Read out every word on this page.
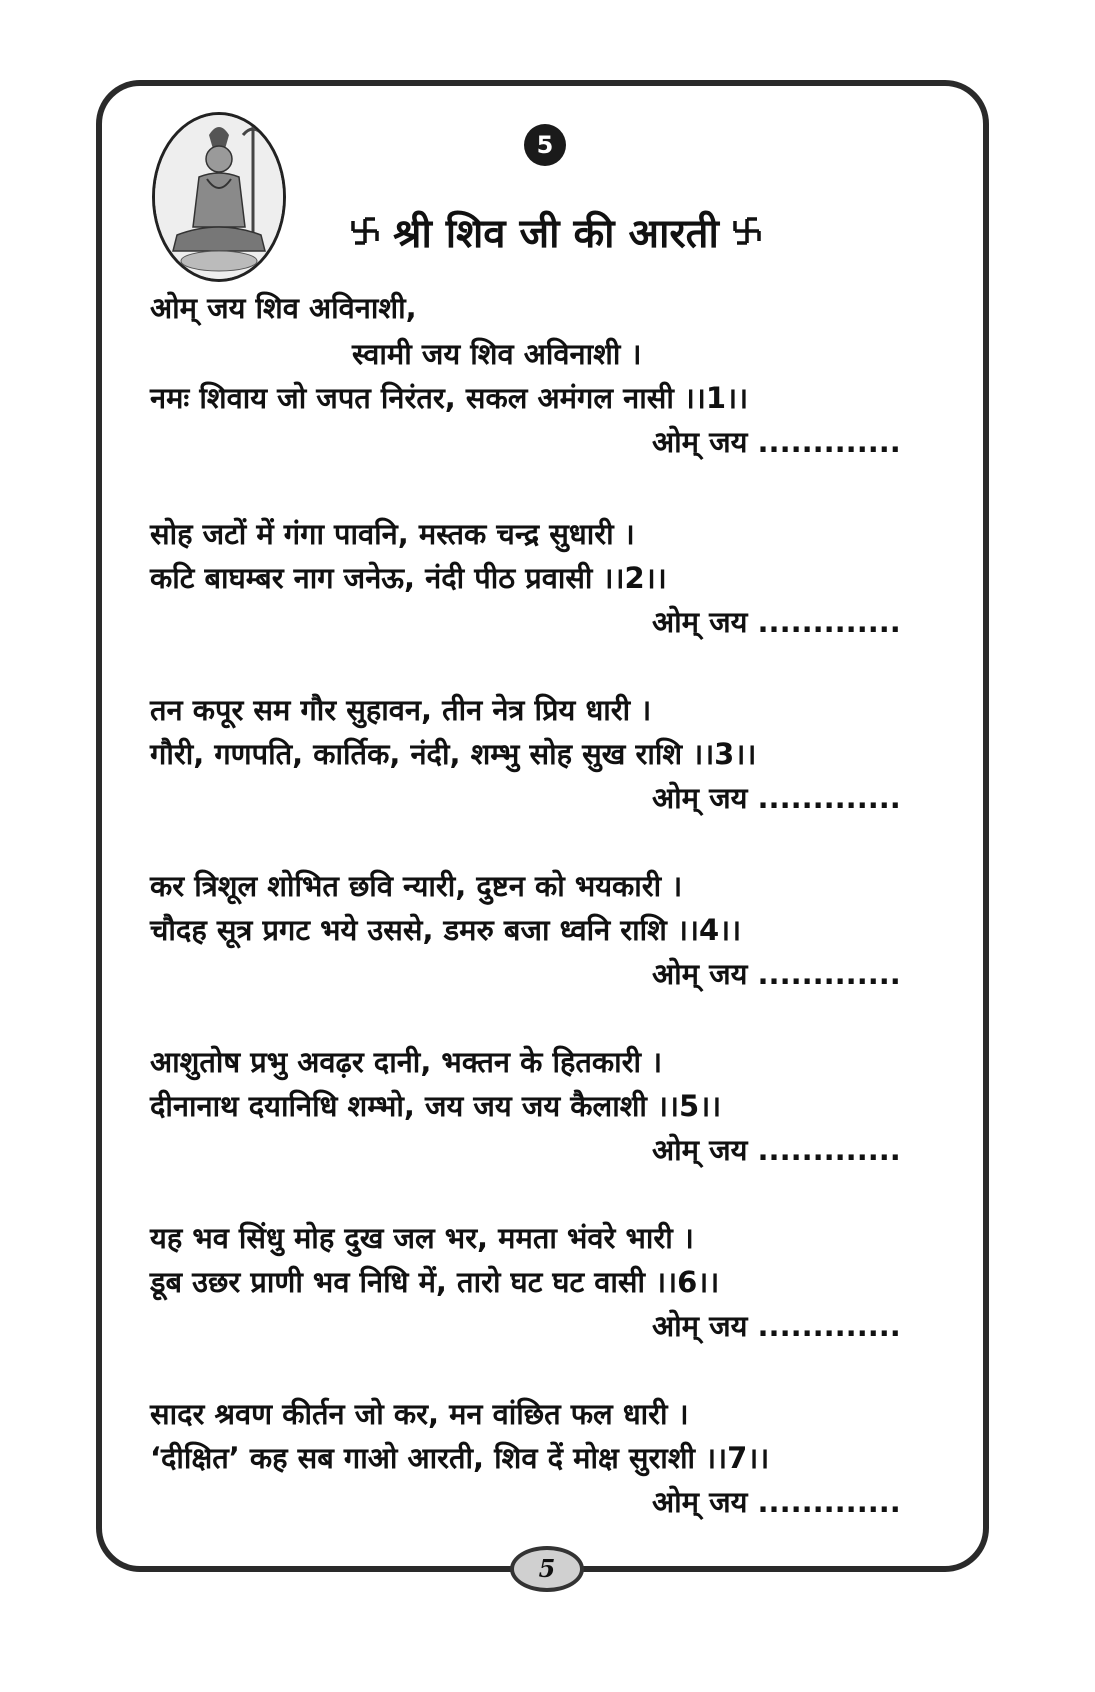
5
श्री शिव जी की आरती
ओम् जय शिव अविनाशी,
स्वामी जय शिव अविनाशी ।
नमः शिवाय जो जपत निरंतर, सकल अमंगल नासी ।।1।।
ओम् जय .............
सोह जटों में गंगा पावनि, मस्तक चन्द्र सुधारी ।
कटि बाघम्बर नाग जनेऊ, नंदी पीठ प्रवासी ।।2।।
ओम् जय .............
तन कपूर सम गौर सुहावन, तीन नेत्र प्रिय धारी ।
गौरी, गणपति, कार्तिक, नंदी, शम्भु सोह सुख राशि ।।3।।
ओम् जय .............
कर त्रिशूल शोभित छवि न्यारी, दुष्टन को भयकारी ।
चौदह सूत्र प्रगट भये उससे, डमरु बजा ध्वनि राशि ।।4।।
ओम् जय .............
आशुतोष प्रभु अवढ़र दानी, भक्तन के हितकारी ।
दीनानाथ दयानिधि शम्भो, जय जय जय कैलाशी ।।5।।
ओम् जय .............
यह भव सिंधु मोह दुख जल भर, ममता भंवरे भारी ।
डूब उछर प्राणी भव निधि में, तारो घट घट वासी ।।6।।
ओम् जय .............
सादर श्रवण कीर्तन जो कर, मन वांछित फल धारी ।
‘दीक्षित’ कह सब गाओ आरती, शिव दें मोक्ष सुराशी ।।7।।
ओम् जय .............
5
